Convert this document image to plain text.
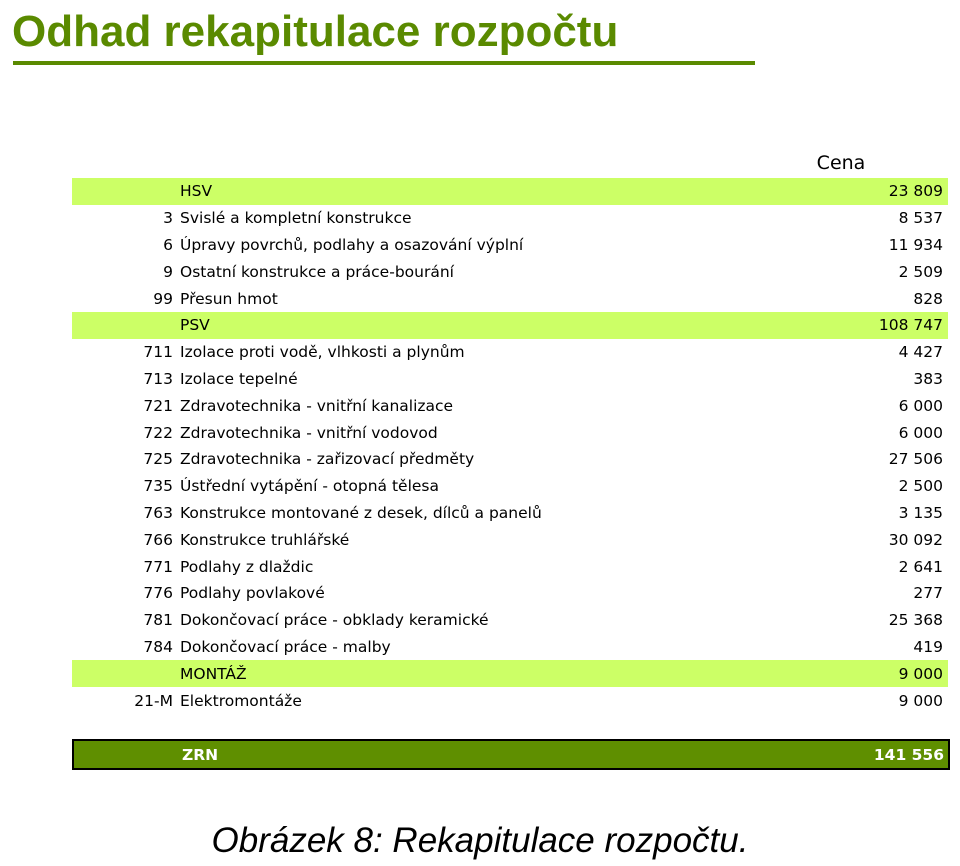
Odhad rekapitulace rozpočtu
Cena
HSV	23 809
3 Svislé a kompletní konstrukce	8 537
6 Úpravy povrchů, podlahy a osazování výplní	11 934
9 Ostatní konstrukce a práce-bourání	2 509
99 Přesun hmot	828
PSV	108 747
711 Izolace proti vodě, vlhkosti a plynům	4 427
713 Izolace tepelné	383
721 Zdravotechnika - vnitřní kanalizace	6 000
722 Zdravotechnika - vnitřní vodovod	6 000
725 Zdravotechnika - zařizovací předměty	27 506
735 Ústřední vytápění - otopná tělesa	2 500
763 Konstrukce montované z desek, dílců a panelů	3 135
766 Konstrukce truhlářské	30 092
771 Podlahy z dlaždic	2 641
776 Podlahy povlakové	277
781 Dokončovací práce - obklady keramické	25 368
784 Dokončovací práce - malby	419
MONTÁŽ	9 000
21-M Elektromontáže	9 000
ZRN	141 556
Obrázek 8: Rekapitulace rozpočtu.
